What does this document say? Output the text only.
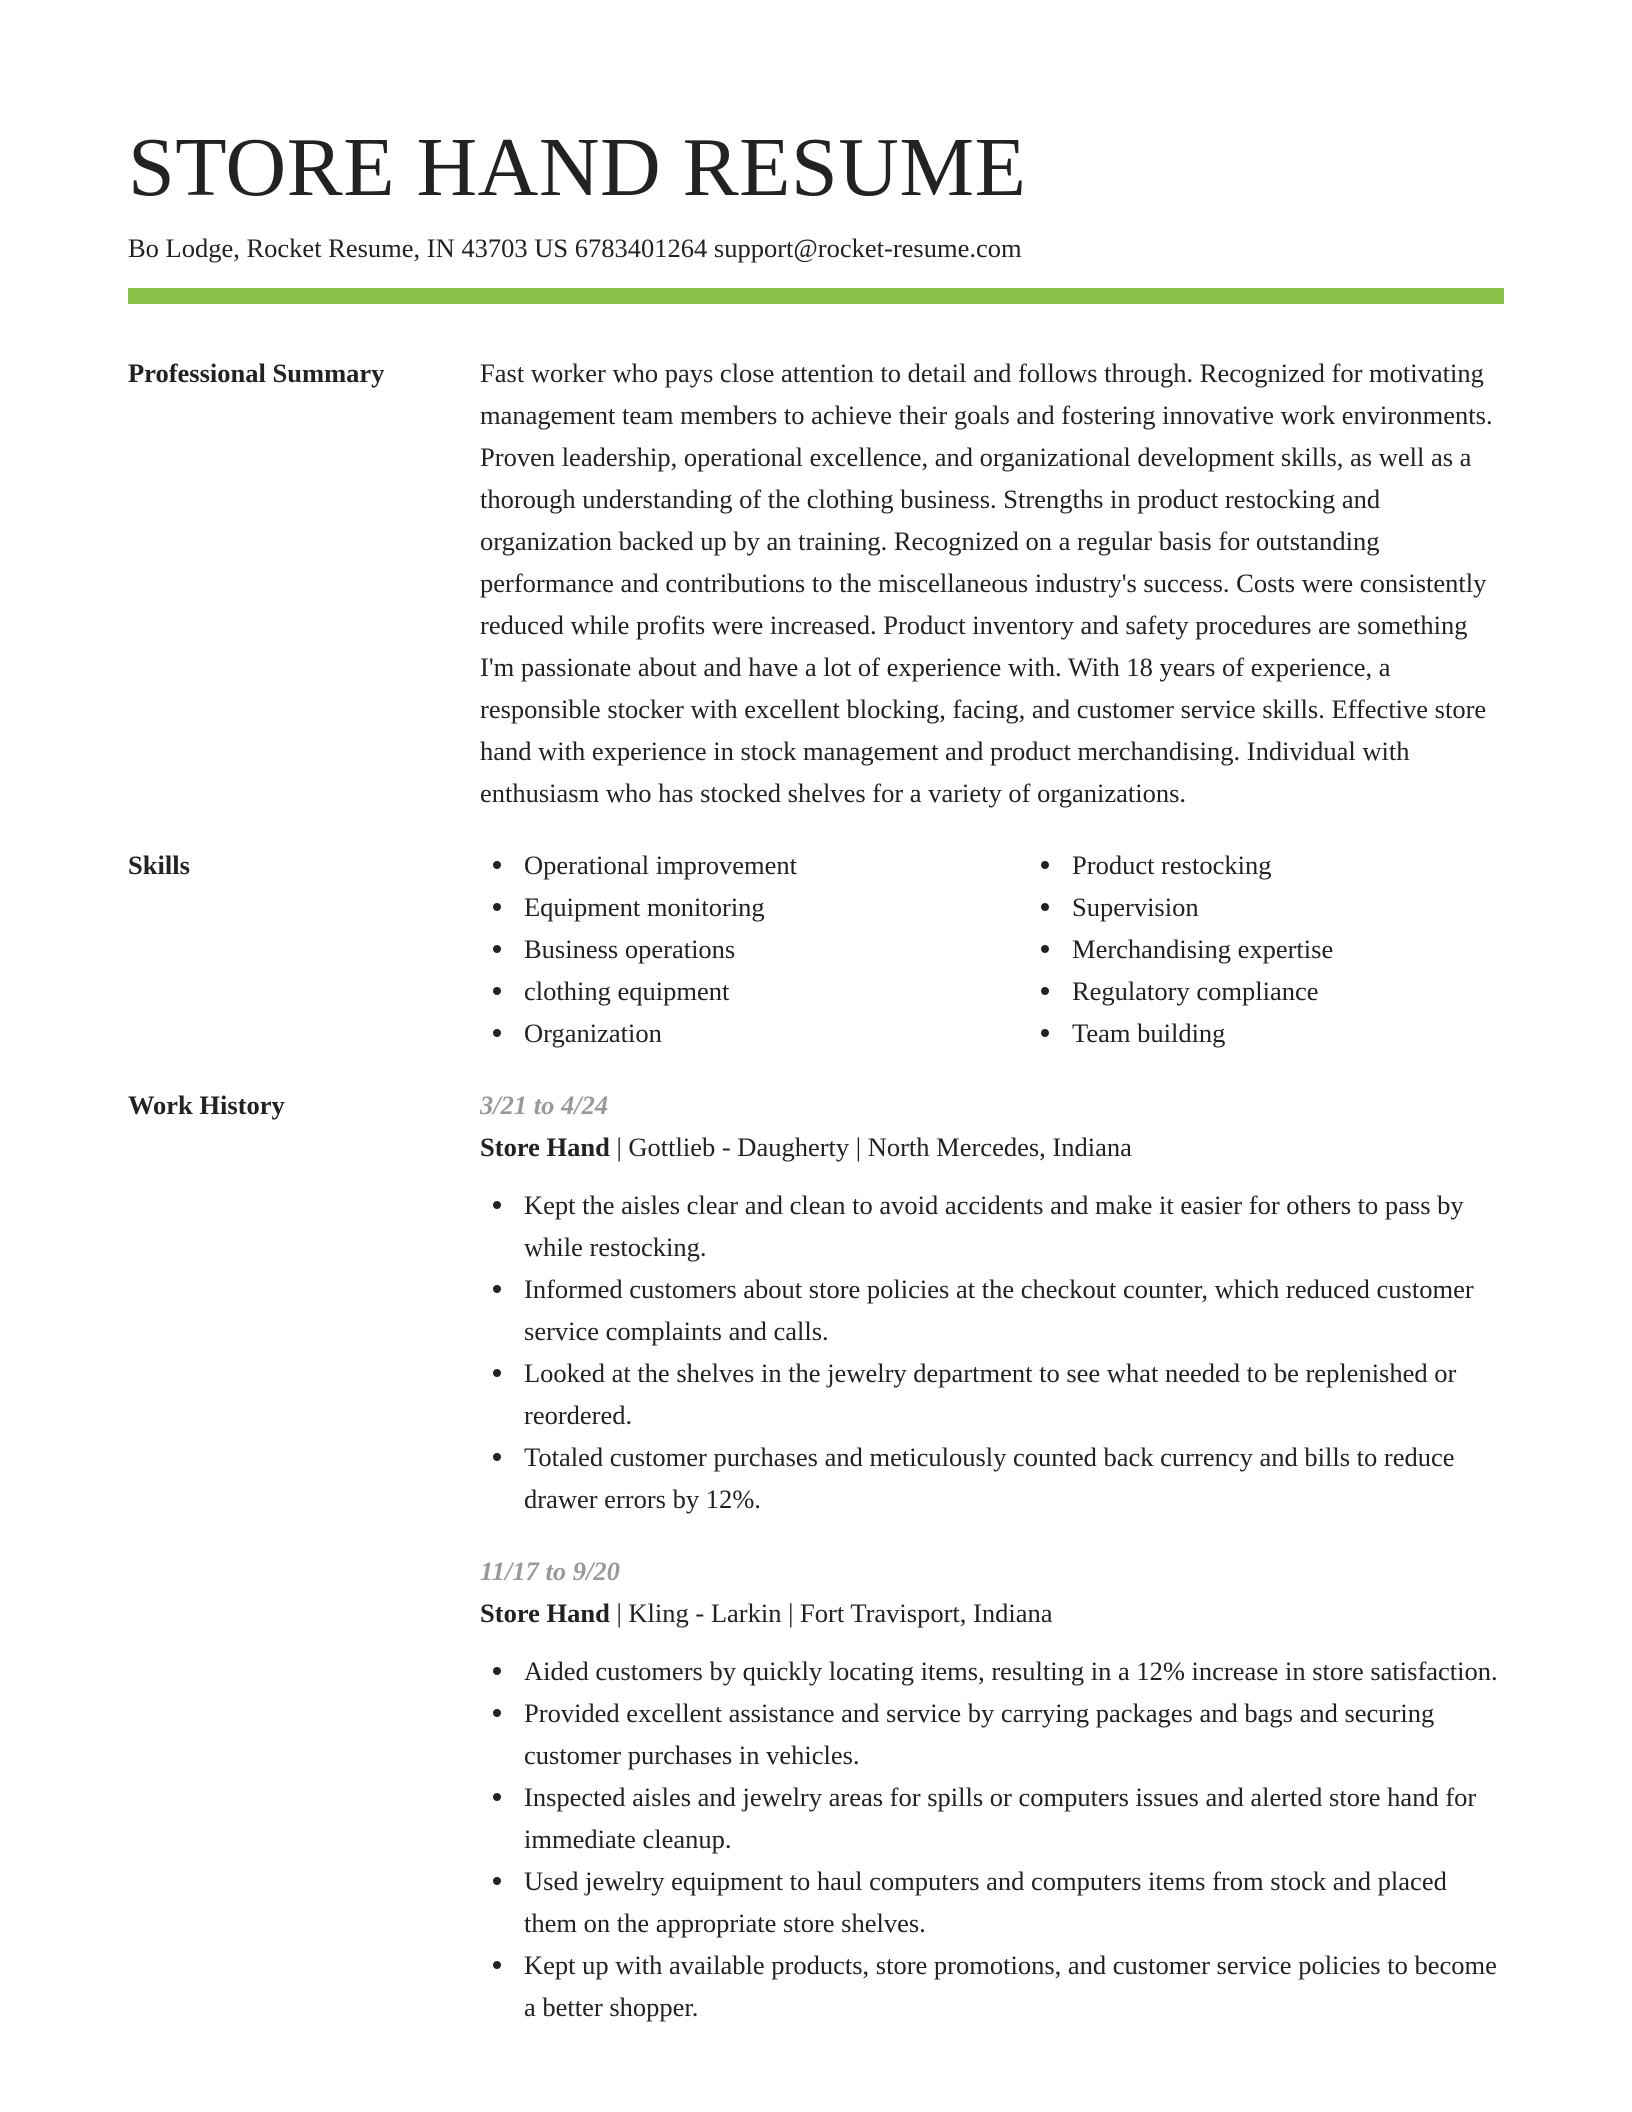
STORE HAND RESUME
Bo Lodge, Rocket Resume, IN 43703 US 6783401264 support@rocket-resume.com
Professional Summary	Fast worker who pays close attention to detail and follows through. Recognized for motivating management team members to achieve their goals and fostering innovative work environments. Proven leadership, operational excellence, and organizational development skills, as well as a thorough understanding of the clothing business. Strengths in product restocking and organization backed up by an training. Recognized on a regular basis for outstanding performance and contributions to the miscellaneous industry's success. Costs were consistently reduced while profits were increased. Product inventory and safety procedures are something I'm passionate about and have a lot of experience with. With 18 years of experience, a responsible stocker with excellent blocking, facing, and customer service skills. Effective store hand with experience in stock management and product merchandising. Individual with enthusiasm who has stocked shelves for a variety of organizations.
Skills	Operational improvement
Equipment monitoring
Business operations
clothing equipment
Organization
Product restocking
Supervision
Merchandising expertise
Regulatory compliance
Team building
Work History	3/21 to 4/24
Store Hand | Gottlieb - Daugherty | North Mercedes, Indiana
Kept the aisles clear and clean to avoid accidents and make it easier for others to pass by while restocking.
Informed customers about store policies at the checkout counter, which reduced customer service complaints and calls.
Looked at the shelves in the jewelry department to see what needed to be replenished or reordered.
Totaled customer purchases and meticulously counted back currency and bills to reduce drawer errors by 12%.
11/17 to 9/20
Store Hand | Kling - Larkin | Fort Travisport, Indiana
Aided customers by quickly locating items, resulting in a 12% increase in store satisfaction.
Provided excellent assistance and service by carrying packages and bags and securing customer purchases in vehicles.
Inspected aisles and jewelry areas for spills or computers issues and alerted store hand for immediate cleanup.
Used jewelry equipment to haul computers and computers items from stock and placed them on the appropriate store shelves.
Kept up with available products, store promotions, and customer service policies to become a better shopper.
